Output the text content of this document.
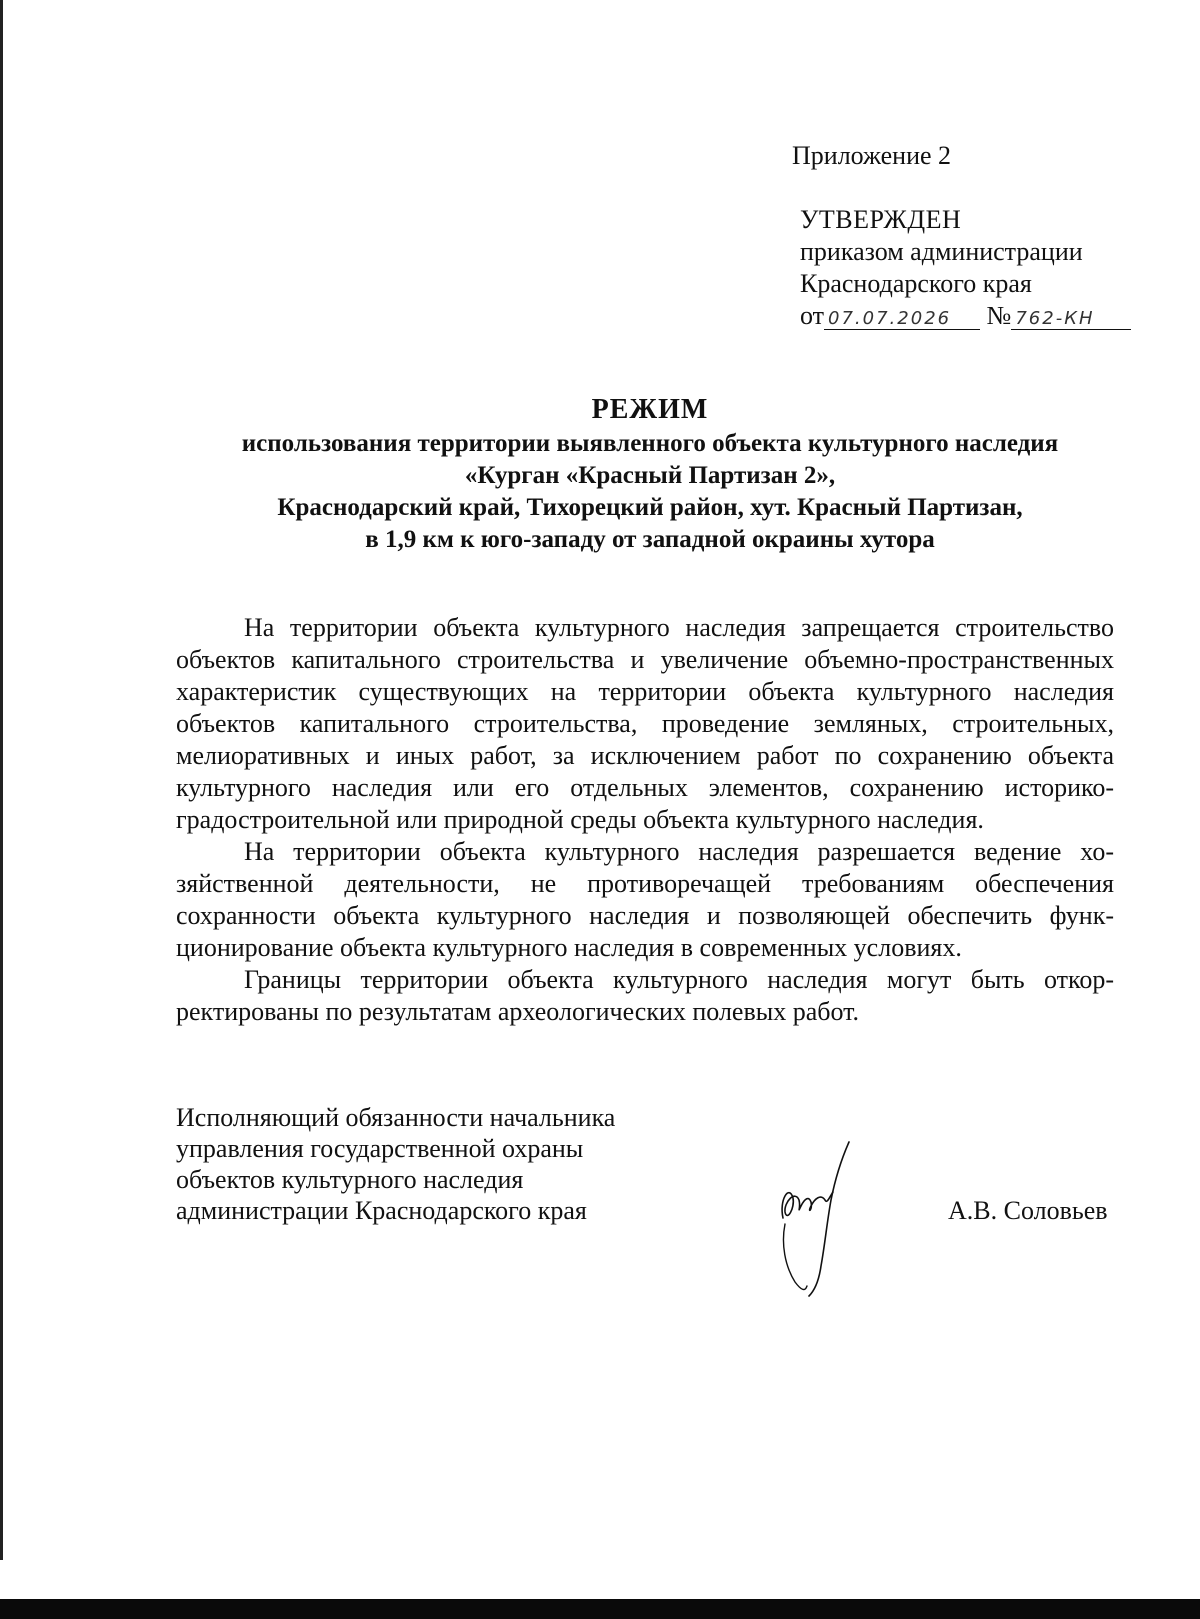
Приложение 2
УТВЕРЖДЕН
приказом администрации
Краснодарского края
от 07.07.2026 № 762-КН
РЕЖИМ
использования территории выявленного объекта культурного наследия
«Курган «Красный Партизан 2»,
Краснодарский край, Тихорецкий район, хут. Красный Партизан,
в 1,9 км к юго-западу от западной окраины хутора

На территории объекта культурного наследия запрещается строительство объектов капитального строительства и увеличение объемно-пространственных характеристик существующих на территории объекта культурного наследия объектов капитального строительства, проведение земляных, строительных, мелиоративных и иных работ, за исключением работ по сохранению объекта культурного наследия или его отдельных элементов, сохранению историко-градостроительной или природной среды объекта культурного наследия.

На территории объекта культурного наследия разрешается ведение хозяйственной деятельности, не противоречащей требованиям обеспечения сохранности объекта культурного наследия и позволяющей обеспечить функционирование объекта культурного наследия в современных условиях.

Границы территории объекта культурного наследия могут быть откорректированы по результатам археологических полевых работ.

Исполняющий обязанности начальника
управления государственной охраны
объектов культурного наследия
администрации Краснодарского края	А.В. Соловьев
